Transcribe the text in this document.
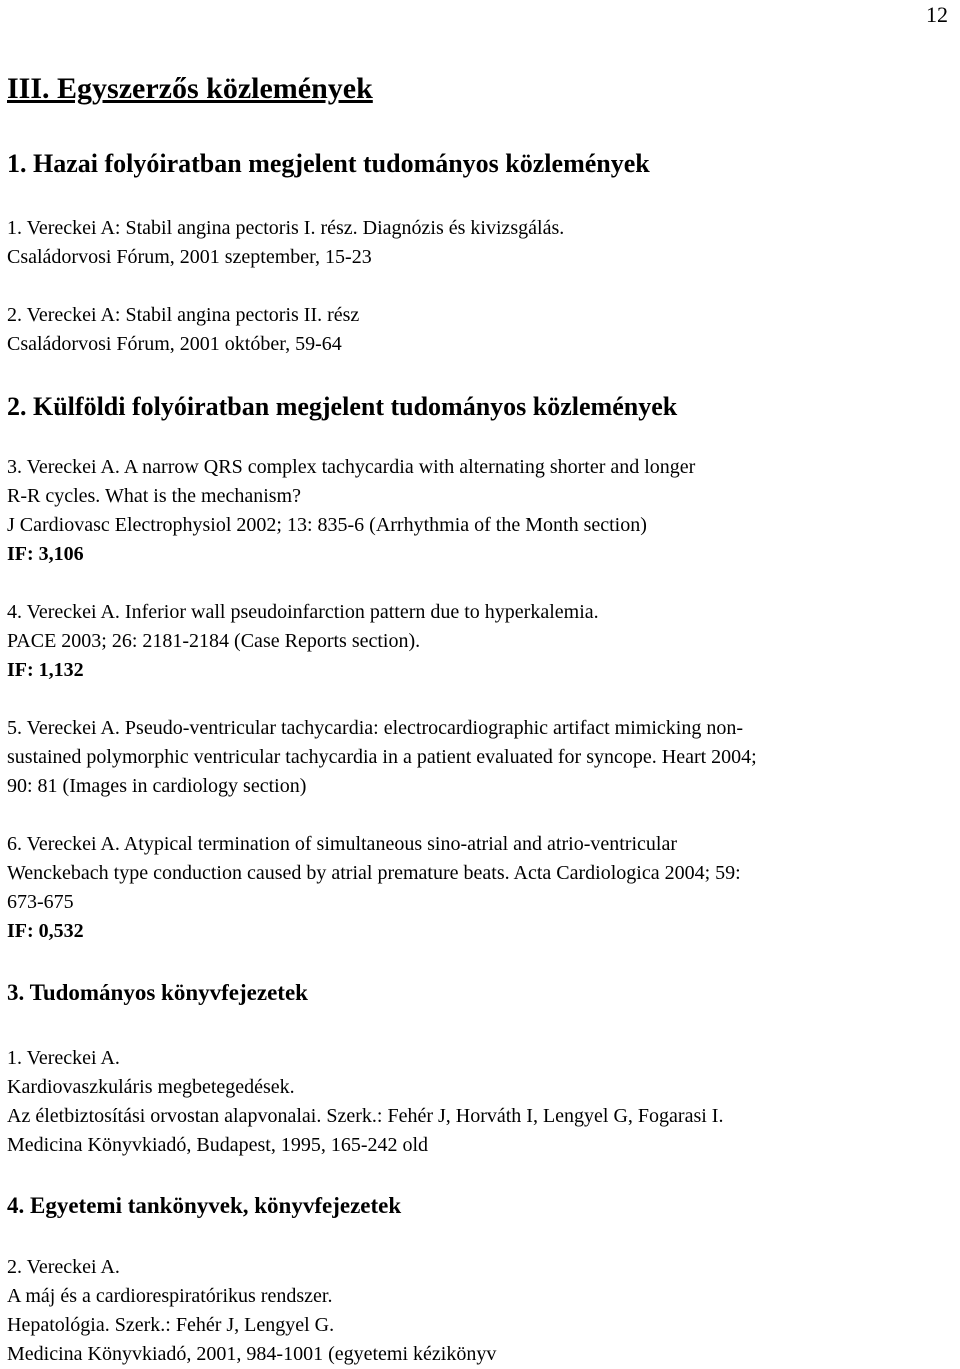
12
III. Egyszerzős közlemények
1. Hazai folyóiratban megjelent tudományos közlemények
1. Vereckei A: Stabil angina pectoris I. rész. Diagnózis és kivizsgálás.
Családorvosi Fórum, 2001 szeptember, 15-23
2. Vereckei A: Stabil angina pectoris II. rész
Családorvosi Fórum, 2001 október, 59-64
2. Külföldi folyóiratban megjelent tudományos közlemények
3. Vereckei A. A narrow QRS complex tachycardia with alternating shorter and longer
R-R cycles. What is the mechanism?
J Cardiovasc Electrophysiol 2002; 13: 835-6 (Arrhythmia of the Month section)
IF: 3,106
4. Vereckei A. Inferior wall pseudoinfarction pattern due to hyperkalemia.
PACE 2003; 26: 2181-2184 (Case Reports section).
IF: 1,132
5. Vereckei A. Pseudo-ventricular tachycardia: electrocardiographic artifact mimicking non-
sustained polymorphic ventricular tachycardia in a patient evaluated for syncope. Heart 2004;
90: 81 (Images in cardiology section)
6. Vereckei A. Atypical termination of simultaneous sino-atrial and atrio-ventricular
Wenckebach type conduction caused by atrial premature beats. Acta Cardiologica 2004; 59:
673-675
IF: 0,532
3. Tudományos könyvfejezetek
1. Vereckei A.
Kardiovaszkuláris megbetegedések.
Az életbiztosítási orvostan alapvonalai. Szerk.: Fehér J, Horváth I, Lengyel G, Fogarasi I.
Medicina Könyvkiadó, Budapest, 1995, 165-242 old
4. Egyetemi tankönyvek, könyvfejezetek
2. Vereckei A.
A máj és a cardiorespiratórikus rendszer.
Hepatológia. Szerk.: Fehér J, Lengyel G.
Medicina Könyvkiadó, 2001, 984-1001 (egyetemi kézikönyv
